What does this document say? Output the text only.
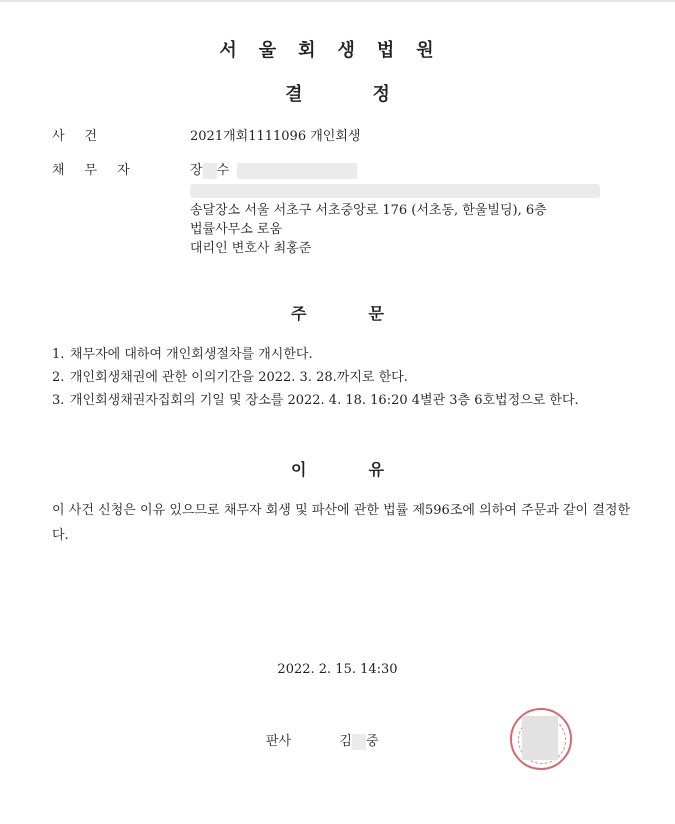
서울회생법원
결정
사건	2021개회1111096 개인회생
채무자	장 수
송달장소 서울 서초구 서초중앙로 176 (서초동, 한울빌딩), 6층
법률사무소 로움
대리인 변호사 최홍준
주문
1. 채무자에 대하여 개인회생절차를 개시한다.
2. 개인회생채권에 관한 이의기간을 2022. 3. 28.까지로 한다.
3. 개인회생채권자집회의 기일 및 장소를 2022. 4. 18. 16:20 4별관 3층 6호법정으로 한다.
이유
이 사건 신청은 이유 있으므로 채무자 회생 및 파산에 관한 법률 제596조에 의하여 주문과 같이 결정한다.
2022. 2. 15. 14:30
판사	김 중
